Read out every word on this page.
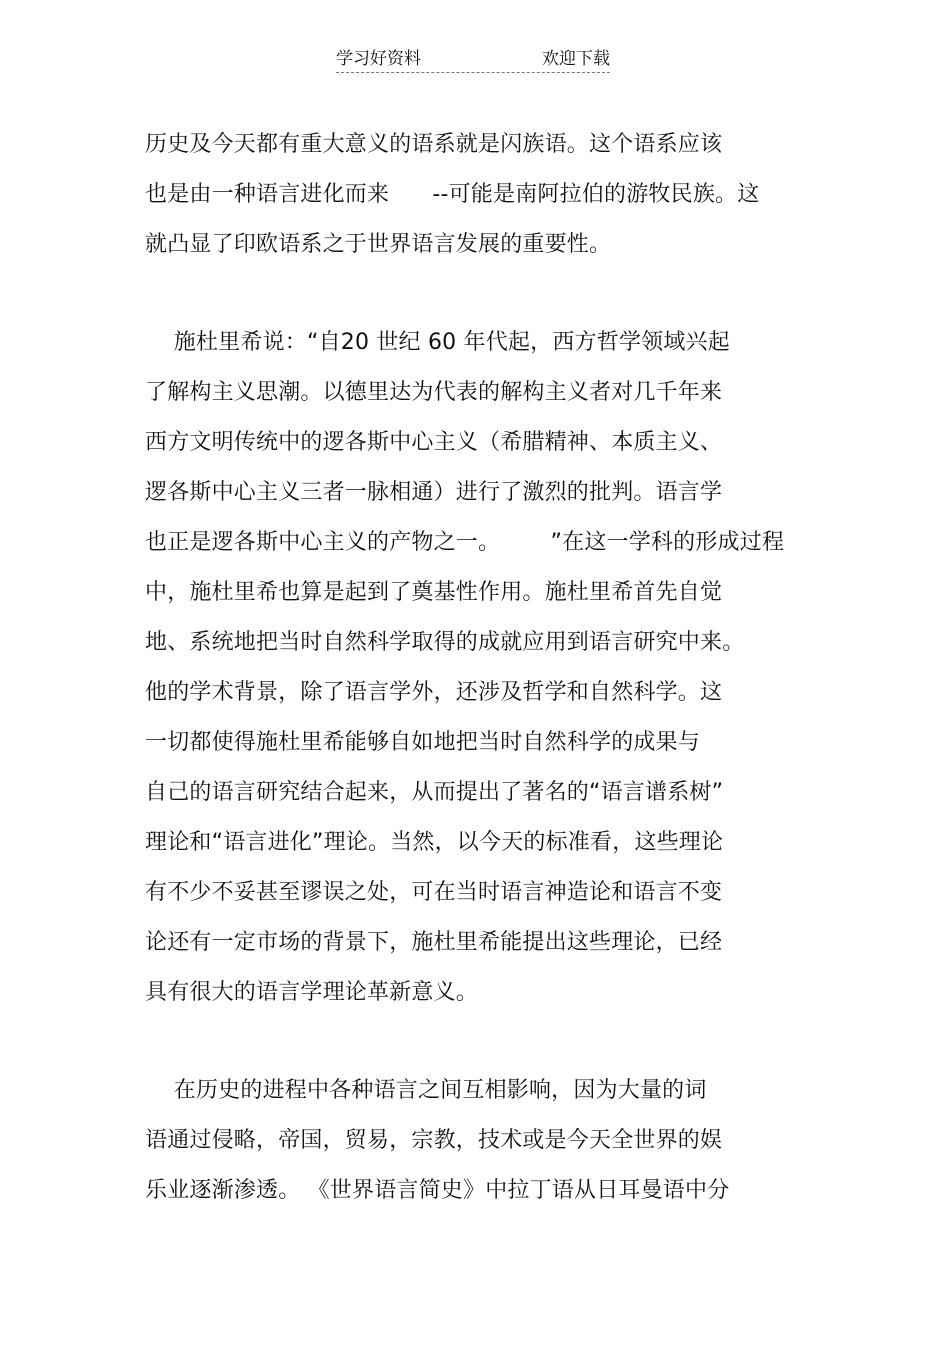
学习好资料	欢迎下载
历史及今天都有重大意义的语系就是闪族语。这个语系应该
也是由一种语言进化而来      --可能是南阿拉伯的游牧民族。这
就凸显了印欧语系之于世界语言发展的重要性。
施杜里希说：“自20 世纪 60 年代起，西方哲学领域兴起
了解构主义思潮。以德里达为代表的解构主义者对几千年来
西方文明传统中的逻各斯中心主义（希腊精神、本质主义、
逻各斯中心主义三者一脉相通）进行了激烈的批判。语言学
也正是逻各斯中心主义的产物之一。       ”在这一学科的形成过程
中，施杜里希也算是起到了奠基性作用。施杜里希首先自觉
地、系统地把当时自然科学取得的成就应用到语言研究中来。
他的学术背景，除了语言学外，还涉及哲学和自然科学。这
一切都使得施杜里希能够自如地把当时自然科学的成果与
自己的语言研究结合起来，从而提出了著名的“语言谱系树”
理论和“语言进化”理论。当然，以今天的标准看，这些理论
有不少不妥甚至谬误之处，可在当时语言神造论和语言不变
论还有一定市场的背景下，施杜里希能提出这些理论，已经
具有很大的语言学理论革新意义。
在历史的进程中各种语言之间互相影响，因为大量的词
语通过侵略，帝国，贸易，宗教，技术或是今天全世界的娱
乐业逐渐渗透。 《世界语言简史》中拉丁语从日耳曼语中分
